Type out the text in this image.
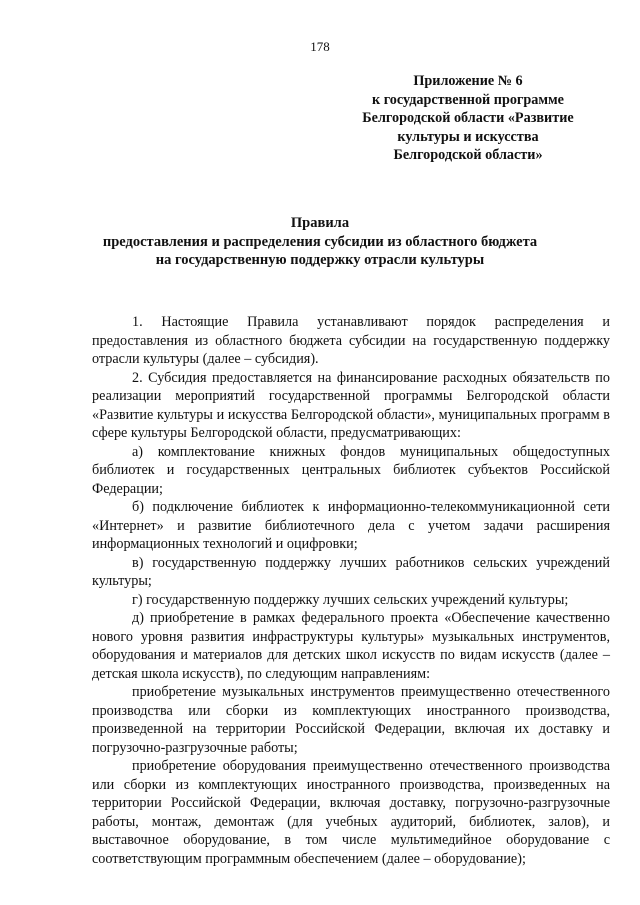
178
Приложение № 6
к государственной программе
Белгородской области «Развитие
культуры и искусства
Белгородской области»
Правила
предоставления и распределения субсидии из областного бюджета
на государственную поддержку отрасли культуры

1. Настоящие Правила устанавливают порядок распределения и предоставления из областного бюджета субсидии на государственную поддержку отрасли культуры (далее – субсидия).

2. Субсидия предоставляется на финансирование расходных обязательств по реализации мероприятий государственной программы Белгородской области «Развитие культуры и искусства Белгородской области», муниципальных программ в сфере культуры Белгородской области, предусматривающих:

а) комплектование книжных фондов муниципальных общедоступных библиотек и государственных центральных библиотек субъектов Российской Федерации;

б) подключение библиотек к информационно-телекоммуникационной сети «Интернет» и развитие библиотечного дела с учетом задачи расширения информационных технологий и оцифровки;

в) государственную поддержку лучших работников сельских учреждений культуры;

г) государственную поддержку лучших сельских учреждений культуры;

д) приобретение в рамках федерального проекта «Обеспечение качественно нового уровня развития инфраструктуры культуры» музыкальных инструментов, оборудования и материалов для детских школ искусств по видам искусств (далее – детская школа искусств), по следующим направлениям:

приобретение музыкальных инструментов преимущественно отечественного производства или сборки из комплектующих иностранного производства, произведенной на территории Российской Федерации, включая их доставку и погрузочно-разгрузочные работы;

приобретение оборудования преимущественно отечественного производства или сборки из комплектующих иностранного производства, произведенных на территории Российской Федерации, включая доставку, погрузочно-разгрузочные работы, монтаж, демонтаж (для учебных аудиторий, библиотек, залов), и выставочное оборудование, в том числе мультимедийное оборудование с соответствующим программным обеспечением (далее – оборудование);
